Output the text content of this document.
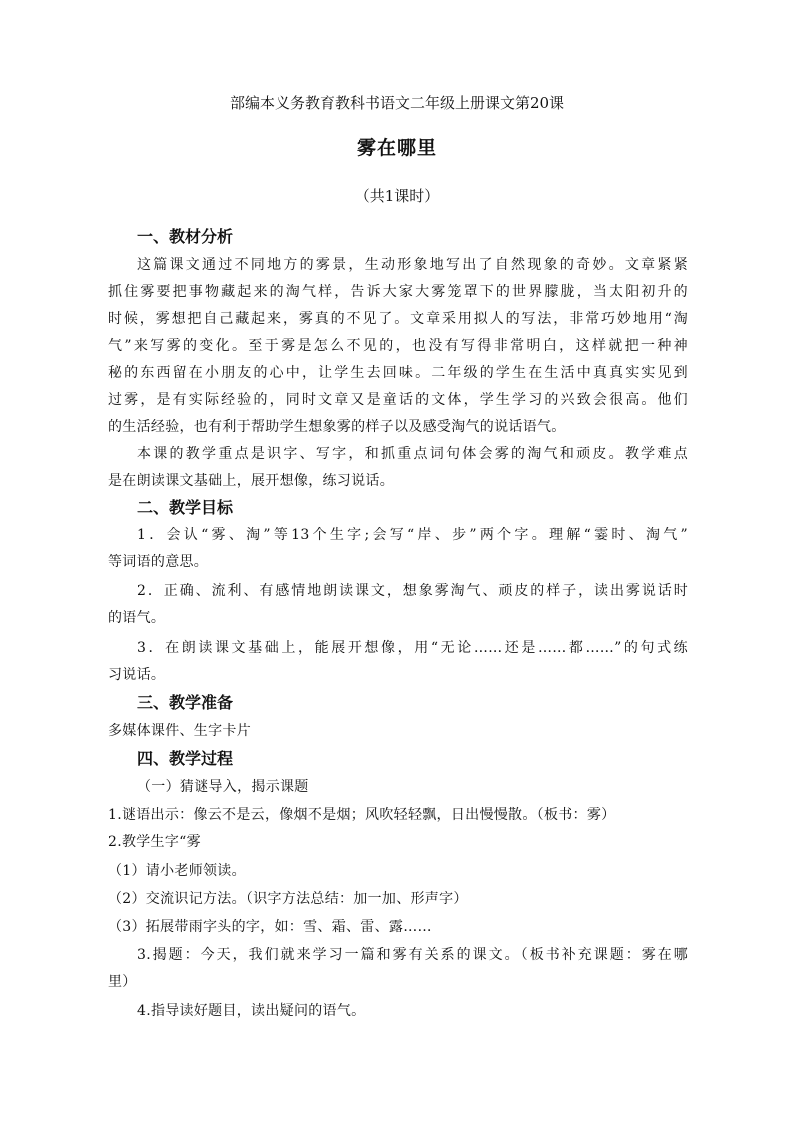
部编本义务教育教科书语文二年级上册课文第20课
雾在哪里
（共1课时）
一、教材分析
这篇课文通过不同地方的雾景，生动形象地写出了自然现象的奇妙。文章紧紧
抓住雾要把事物藏起来的淘气样，告诉大家大雾笼罩下的世界朦胧，当太阳初升的
时候，雾想把自己藏起来，雾真的不见了。文章采用拟人的写法，非常巧妙地用“淘
气”来写雾的变化。至于雾是怎么不见的，也没有写得非常明白，这样就把一种神
秘的东西留在小朋友的心中，让学生去回味。二年级的学生在生活中真真实实见到
过雾，是有实际经验的，同时文章又是童话的文体，学生学习的兴致会很高。他们
的生活经验，也有利于帮助学生想象雾的样子以及感受淘气的说话语气。
本课的教学重点是识字、写字，和抓重点词句体会雾的淘气和顽皮。教学难点
是在朗读课文基础上，展开想像，练习说话。
二、教学目标
1．会认“雾、淘”等13个生字;会写“岸、步”两个字。理解“霎时、淘气”
等词语的意思。
2．正确、流利、有感情地朗读课文，想象雾淘气、顽皮的样子，读出雾说话时
的语气。
3．在朗读课文基础上，能展开想像，用“无论……还是……都……”的句式练
习说话。
三、教学准备
多媒体课件、生字卡片
四、教学过程
（一）猜谜导入，揭示课题
1.谜语出示：像云不是云，像烟不是烟；风吹轻轻飘，日出慢慢散。（板书：雾）
2.教学生字“雾
（1）请小老师领读。
（2）交流识记方法。（识字方法总结：加一加、形声字）
（3）拓展带雨字头的字，如：雪、霜、雷、露……
3.揭题：今天，我们就来学习一篇和雾有关系的课文。（板书补充课题：雾在哪
里）
4.指导读好题目，读出疑问的语气。
